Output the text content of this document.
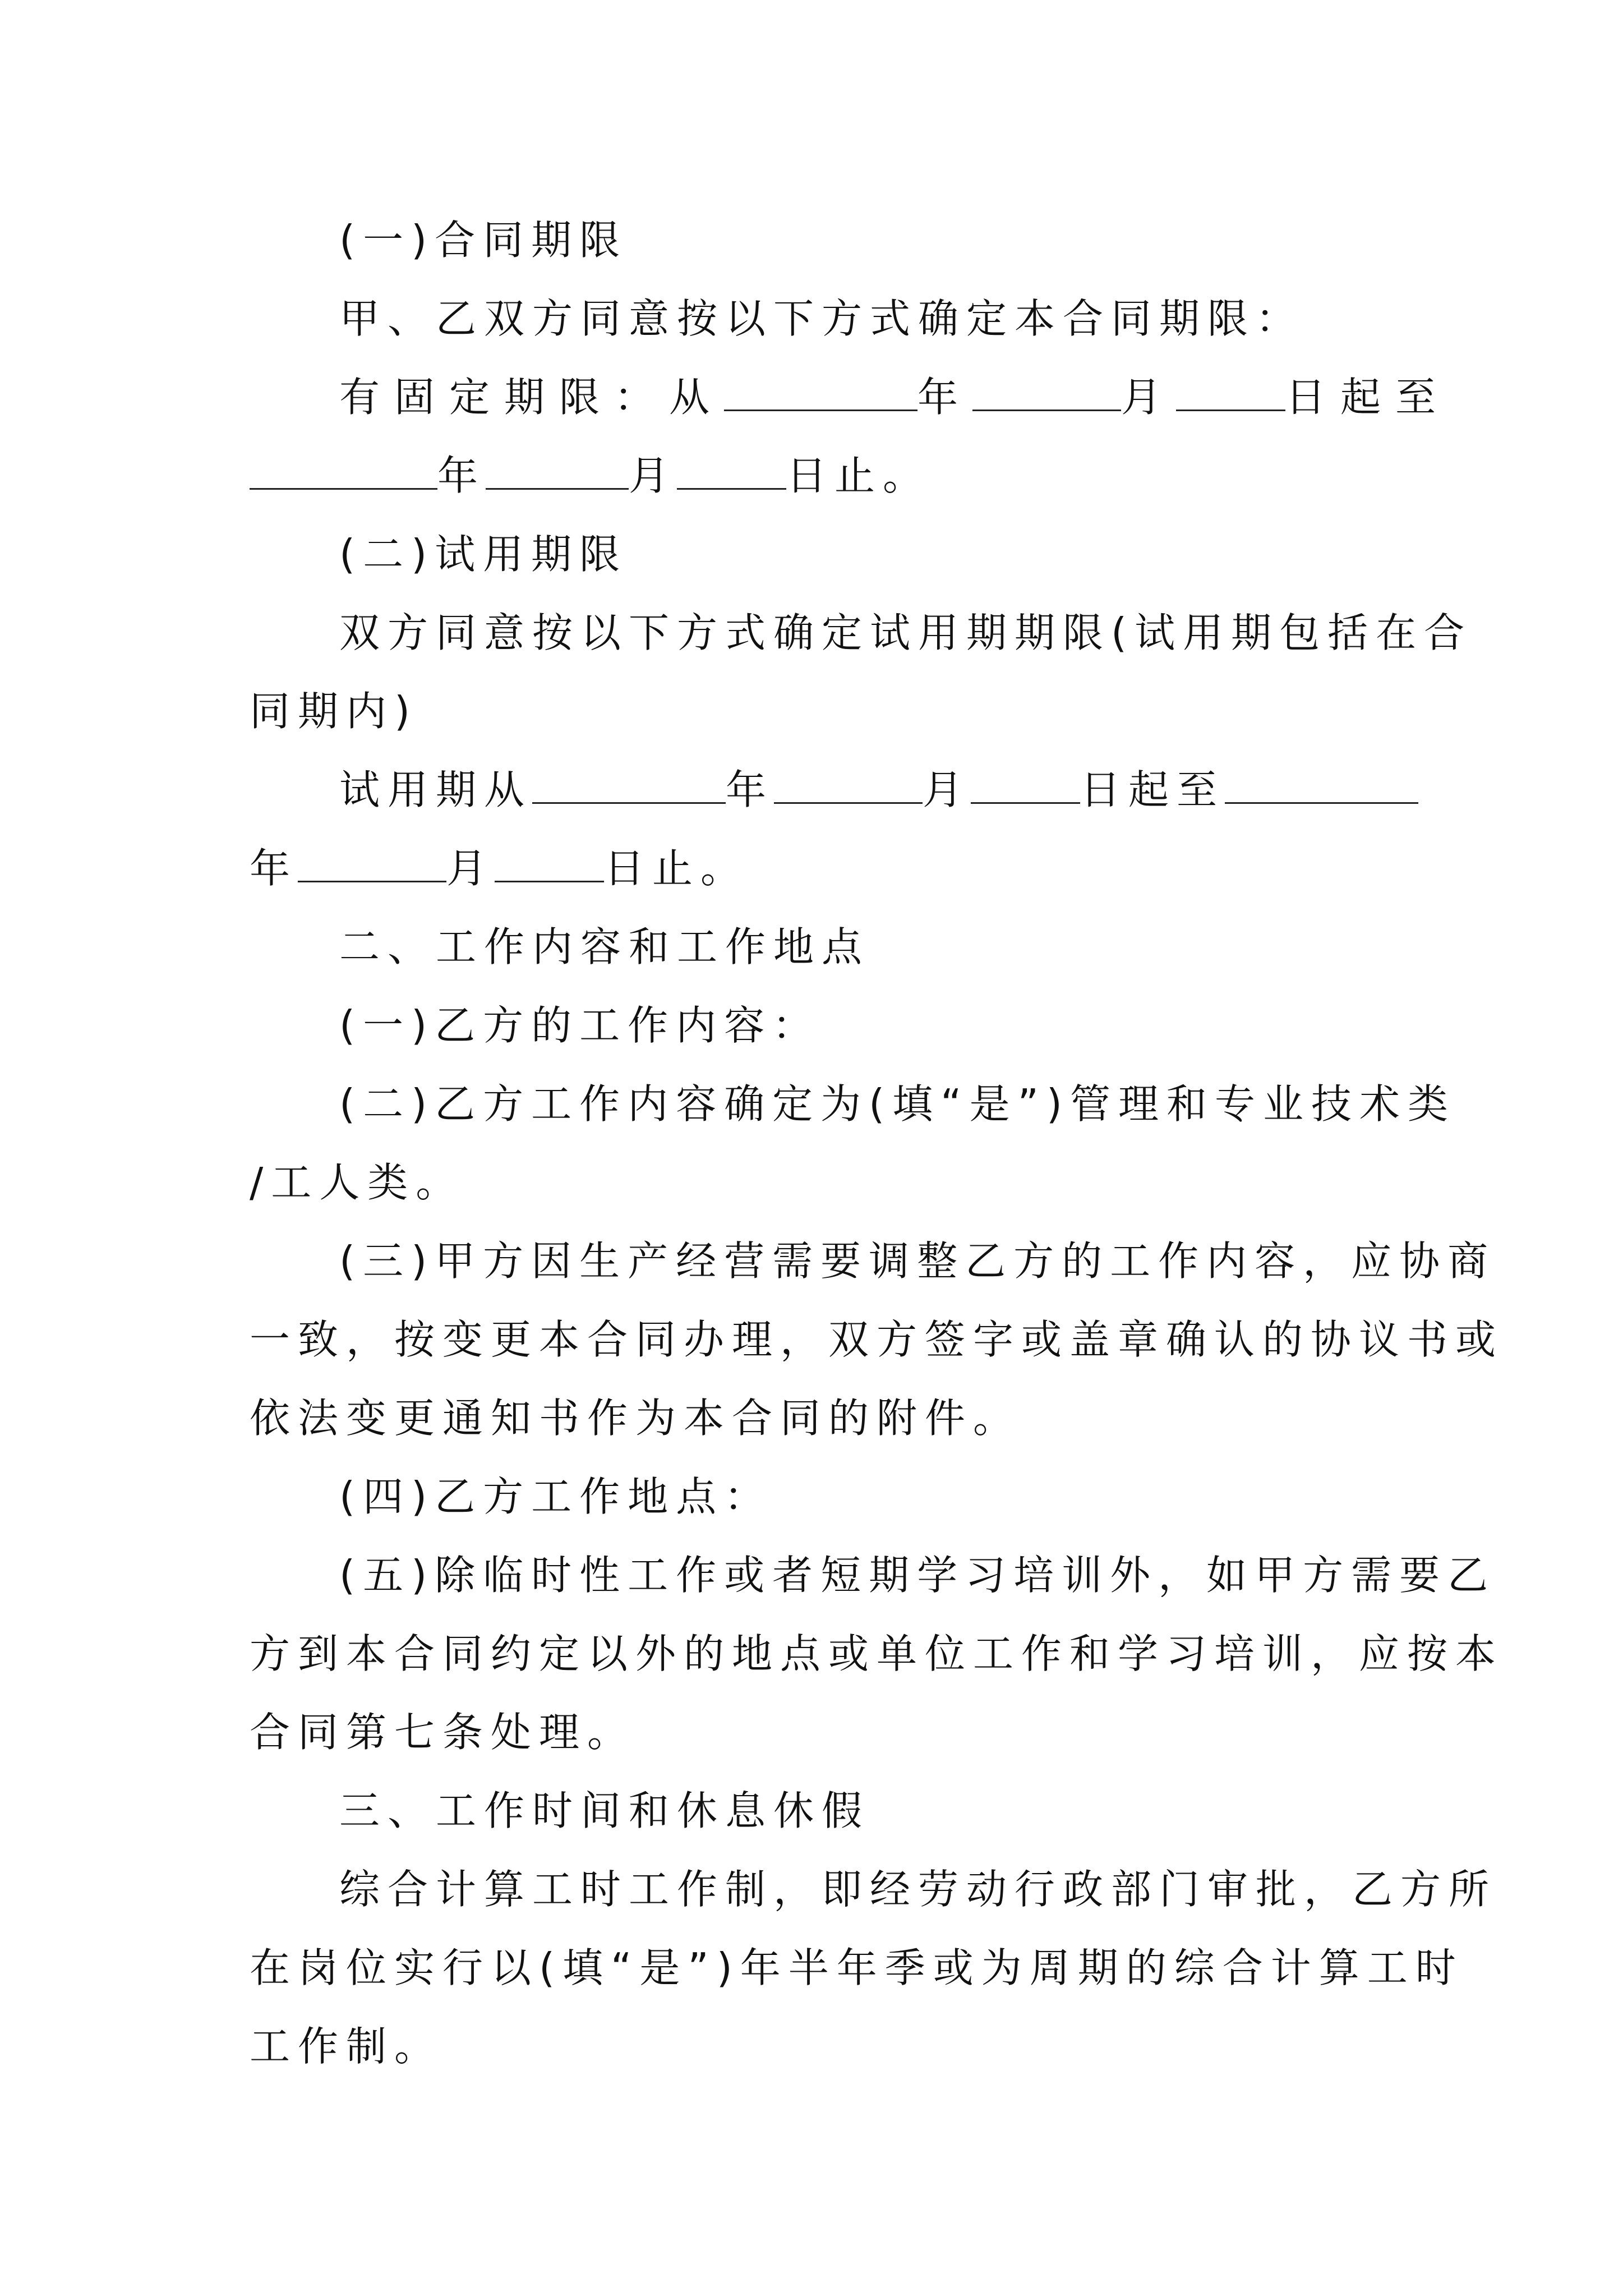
(一)合同期限
甲、乙双方同意按以下方式确定本合同期限：
有固定期限：从	年	月	日起至
年	月	日止。
(二)试用期限
双方同意按以下方式确定试用期期限(试用期包括在合
同期内)
试用期从	年	月	日起至
年	月	日止。
二、工作内容和工作地点
(一)乙方的工作内容：
(二)乙方工作内容确定为(填“是”)管理和专业技术类
/工人类。
(三)甲方因生产经营需要调整乙方的工作内容，应协商
一致，按变更本合同办理，双方签字或盖章确认的协议书或
依法变更通知书作为本合同的附件。
(四)乙方工作地点：
(五)除临时性工作或者短期学习培训外，如甲方需要乙
方到本合同约定以外的地点或单位工作和学习培训，应按本
合同第七条处理。
三、工作时间和休息休假
综合计算工时工作制，即经劳动行政部门审批，乙方所
在岗位实行以(填“是”)年半年季或为周期的综合计算工时
工作制。
